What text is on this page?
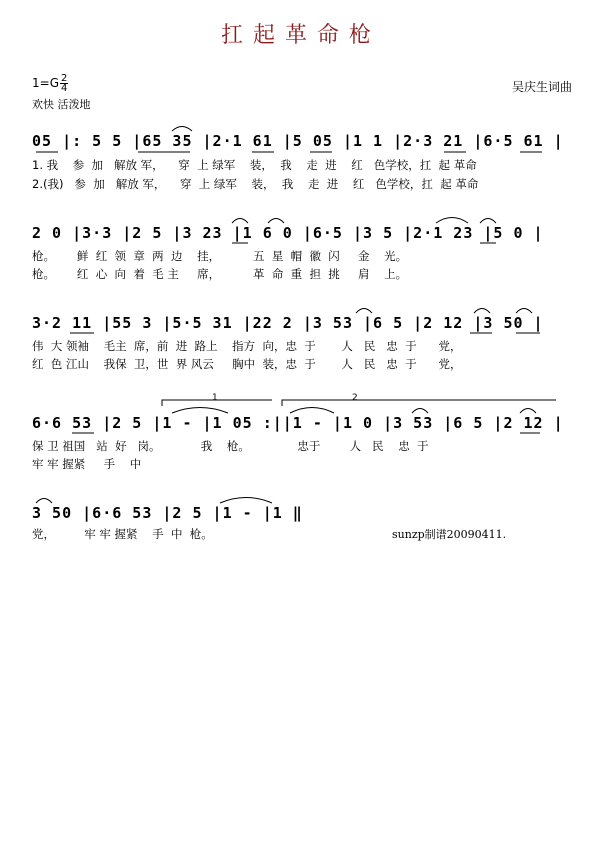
扛起革命枪
$1=G \frac{2}{4}$
欢快 活泼地
吴庆生词曲
05 |: 5 5 |65 35 |2·1 61 |5 05 |1 1 |2·3 21 |6·5 61 |
1. 我    参  加   解放 军，    穿  上 绿军    装，  我    走  进    红   色学校，扛  起 革命
2.(我)   参  加   解放 军，    穿  上 绿军    装，  我    走  进    红   色学校，扛  起 革命
2 0 |3·3 |2 5 |3 23 |1 6 0 |6·5 |3 5 |2·1 23 |5 0 |
枪。      鲜  红  领  章  两  边    挂，         五  星  帽  徽  闪     金    光。
枪。      红  心  向  着  毛 主     席，         革  命  重  担  挑     肩    上。
3·2 11 |55 3 |5·5 31 |22 2 |3 53 |6 5 |2 12 |3 50 |
伟  大 领袖    毛主  席，前  进  路上    指方  向，忠  于       人   民   忠  于      党，
红  色 江山    我保  卫，世  界 风云     胸中  装，忠  于       人   民   忠  于      党，
1	2
6·6 53 |2 5 |1 - |1 05 :||1 - |1 0 |3 53 |6 5 |2 12 |
保 卫 祖国   站  好   岗。           我    枪。             忠于        人   民    忠  于
牢 牢 握紧     手    中
3 50 |6·6 53 |2 5 |1 - |1 ‖
党，        牢 牢 握紧    手  中  枪。	sunzp制谱20090411.
